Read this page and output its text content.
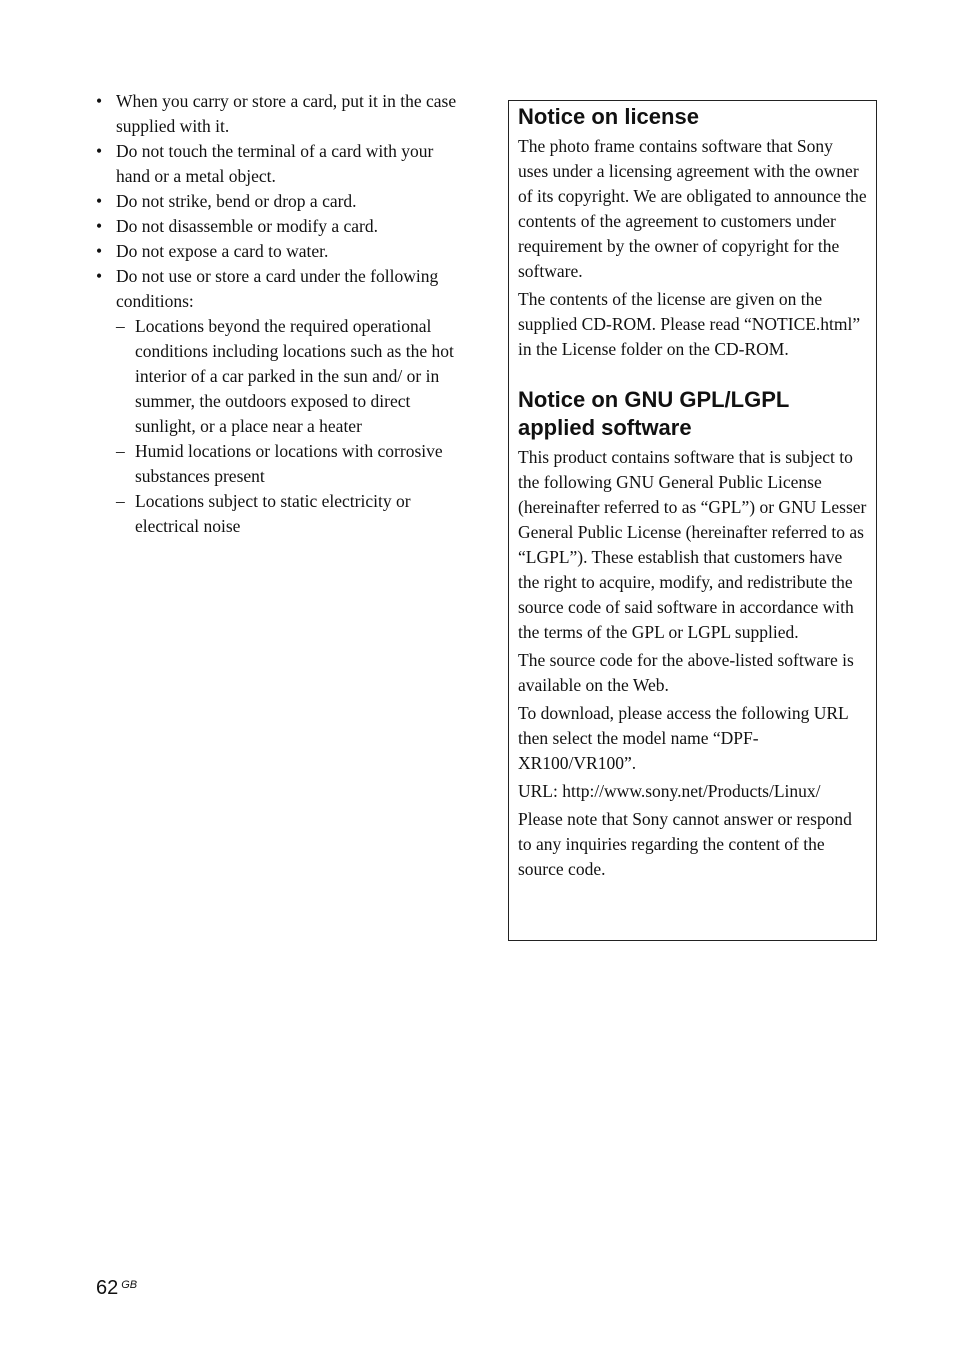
• When you carry or store a card, put it in the case supplied with it.
• Do not touch the terminal of a card with your hand or a metal object.
• Do not strike, bend or drop a card.
• Do not disassemble or modify a card.
• Do not expose a card to water.
• Do not use or store a card under the following conditions:
– Locations beyond the required operational conditions including locations such as the hot interior of a car parked in the sun and/ or in summer, the outdoors exposed to direct sunlight, or a place near a heater
– Humid locations or locations with corrosive substances present
– Locations subject to static electricity or electrical noise
Notice on license

The photo frame contains software that Sony uses under a licensing agreement with the owner of its copyright. We are obligated to announce the contents of the agreement to customers under requirement by the owner of copyright for the software.

The contents of the license are given on the supplied CD-ROM. Please read “NOTICE.html” in the License folder on the CD-ROM.

Notice on GNU GPL/LGPL
applied software

This product contains software that is subject to the following GNU General Public License (hereinafter referred to as “GPL”) or GNU Lesser General Public License (hereinafter referred to as “LGPL”). These establish that customers have the right to acquire, modify, and redistribute the source code of said software in accordance with the terms of the GPL or LGPL supplied.

The source code for the above-listed software is available on the Web.

To download, please access the following URL then select the model name “DPF-XR100/VR100”.

URL: http://www.sony.net/Products/Linux/

Please note that Sony cannot answer or respond to any inquiries regarding the content of the source code.

62 $^{GB}$
